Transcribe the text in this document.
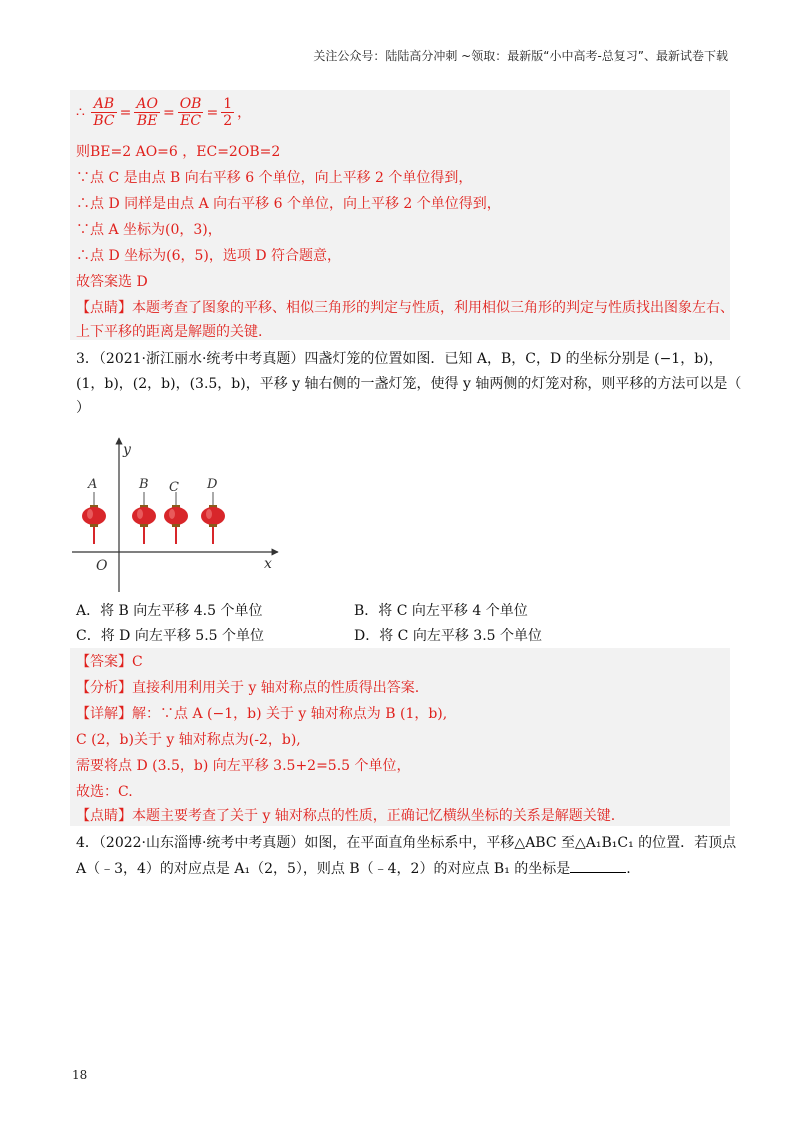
关注公众号：陆陆高分冲刺 ~领取：最新版“小中高考-总复习”、最新试卷下载
∴ $\frac{AB}{BC} = \frac{AO}{BE} = \frac{OB}{EC} = \frac{1}{2}$ ，
则BE=2 AO=6 ，EC=2OB=2
∵点 C 是由点 B 向右平移 6 个单位，向上平移 2 个单位得到，
∴点 D 同样是由点 A 向右平移 6 个单位，向上平移 2 个单位得到，
∵点 A 坐标为(0，3)，
∴点 D 坐标为(6，5)，选项 D 符合题意，
故答案选 D
【点睛】本题考查了图象的平移、相似三角形的判定与性质，利用相似三角形的判定与性质找出图象左右、
上下平移的距离是解题的关键.
3．（2021·浙江丽水·统考中考真题）四盏灯笼的位置如图．已知 A，B，C，D 的坐标分别是 (−1，b)，
(1，b)，(2，b)，(3.5，b)，平移 y 轴右侧的一盏灯笼，使得 y 轴两侧的灯笼对称，则平移的方法可以是（
）
y
x
O
A	B C D
A．将 B 向左平移 4.5 个单位	B．将 C 向左平移 4 个单位
C．将 D 向左平移 5.5 个单位	D．将 C 向左平移 3.5 个单位
【答案】C
【分析】直接利用利用关于 y 轴对称点的性质得出答案.
【详解】解：∵点 A (−1，b) 关于 y 轴对称点为 B (1，b),
C (2，b)关于 y 轴对称点为(-2，b),
需要将点 D (3.5，b) 向左平移 3.5+2=5.5 个单位，
故选：C.
【点睛】本题主要考查了关于 y 轴对称点的性质，正确记忆横纵坐标的关系是解题关键.
4．（2022·山东淄博·统考中考真题）如图，在平面直角坐标系中，平移△ABC 至△A₁B₁C₁ 的位置．若顶点
A（﹣3，4）的对应点是 A₁（2，5），则点 B（﹣4，2）的对应点 B₁ 的坐标是	.
18
